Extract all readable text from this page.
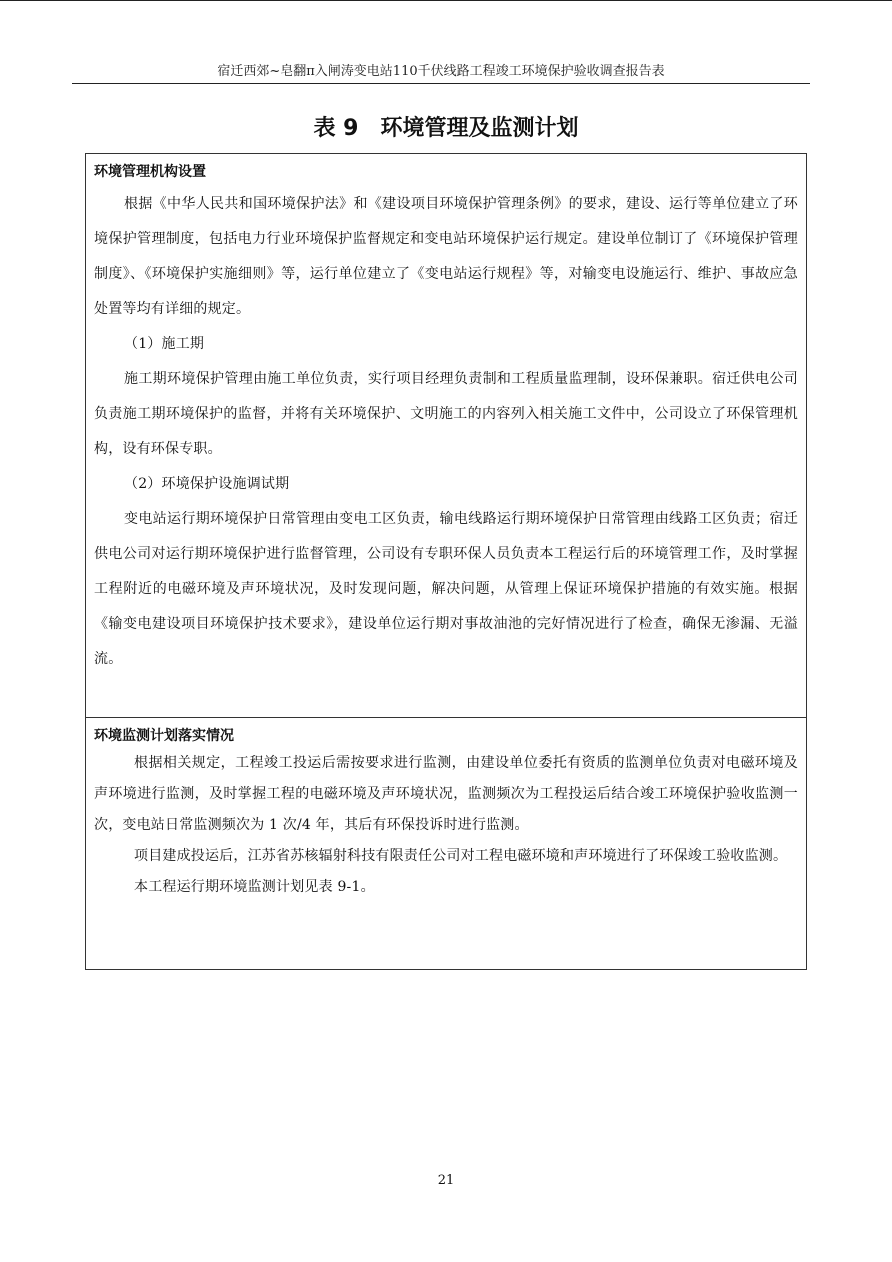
宿迁西郊~皂翻π入闸涛变电站110千伏线路工程竣工环境保护验收调查报告表
表 9　环境管理及监测计划
环境管理机构设置

根据《中华人民共和国环境保护法》和《建设项目环境保护管理条例》的要求，建设、运行等单位建立了环境保护管理制度，包括电力行业环境保护监督规定和变电站环境保护运行规定。建设单位制订了《环境保护管理制度》、《环境保护实施细则》等，运行单位建立了《变电站运行规程》等，对输变电设施运行、维护、事故应急处置等均有详细的规定。

（1）施工期

施工期环境保护管理由施工单位负责，实行项目经理负责制和工程质量监理制，设环保兼职。宿迁供电公司负责施工期环境保护的监督，并将有关环境保护、文明施工的内容列入相关施工文件中，公司设立了环保管理机构，设有环保专职。

（2）环境保护设施调试期

变电站运行期环境保护日常管理由变电工区负责，输电线路运行期环境保护日常管理由线路工区负责；宿迁供电公司对运行期环境保护进行监督管理，公司设有专职环保人员负责本工程运行后的环境管理工作，及时掌握工程附近的电磁环境及声环境状况，及时发现问题，解决问题，从管理上保证环境保护措施的有效实施。根据《输变电建设项目环境保护技术要求》，建设单位运行期对事故油池的完好情况进行了检查，确保无渗漏、无溢流。

环境监测计划落实情况

根据相关规定，工程竣工投运后需按要求进行监测，由建设单位委托有资质的监测单位负责对电磁环境及声环境进行监测，及时掌握工程的电磁环境及声环境状况，监测频次为工程投运后结合竣工环境保护验收监测一次，变电站日常监测频次为 1 次/4 年，其后有环保投诉时进行监测。

项目建成投运后，江苏省苏核辐射科技有限责任公司对工程电磁环境和声环境进行了环保竣工验收监测。

本工程运行期环境监测计划见表 9-1。

21
